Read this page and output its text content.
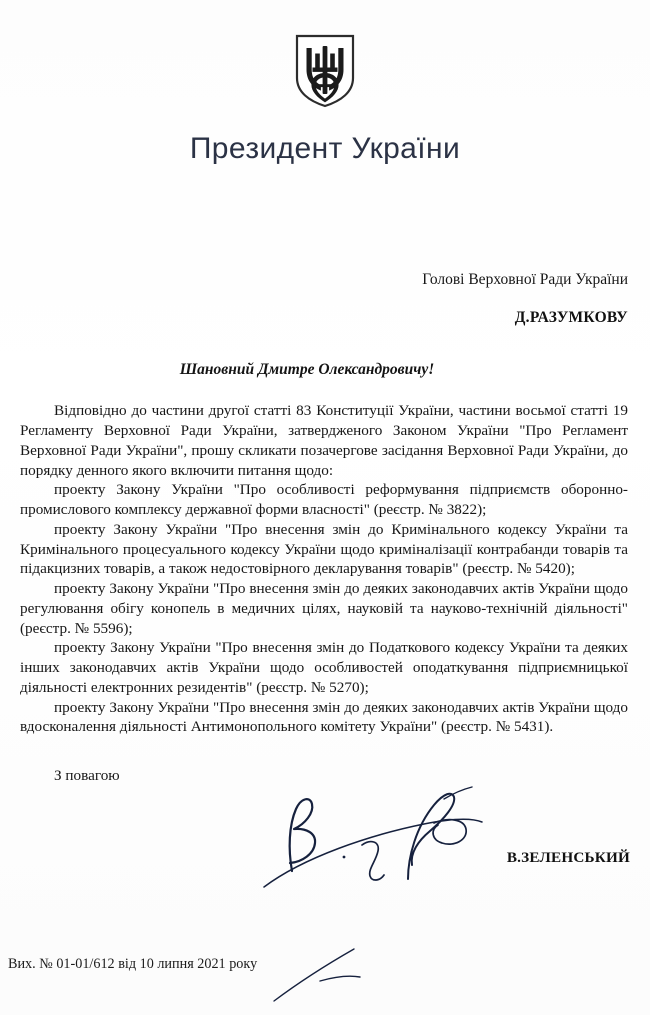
Президент України
Голові Верховної Ради України
Д.РАЗУМКОВУ
Шановний Дмитре Олександровичу!

Відповідно до частини другої статті 83 Конституції України, частини восьмої статті 19 Регламенту Верховної Ради України, затвердженого Законом України "Про Регламент Верховної Ради України", прошу скликати позачергове засідання Верховної Ради України, до порядку денного якого включити питання щодо:

проекту Закону України "Про особливості реформування підприємств оборонно-промислового комплексу державної форми власності" (реєстр. № 3822);

проекту Закону України "Про внесення змін до Кримінального кодексу України та Кримінального процесуального кодексу України щодо криміналізації контрабанди товарів та підакцизних товарів, а також недостовірного декларування товарів" (реєстр. № 5420);

проекту Закону України "Про внесення змін до деяких законодавчих актів України щодо регулювання обігу конопель в медичних цілях, науковій та науково-технічній діяльності" (реєстр. № 5596);

проекту Закону України "Про внесення змін до Податкового кодексу України та деяких інших законодавчих актів України щодо особливостей оподаткування підприємницької діяльності електронних резидентів" (реєстр. № 5270);

проекту Закону України "Про внесення змін до деяких законодавчих актів України щодо вдосконалення діяльності Антимонопольного комітету України" (реєстр. № 5431).

З повагою
В.ЗЕЛЕНСЬКИЙ
Вих. № 01-01/612 від 10 липня 2021 року
